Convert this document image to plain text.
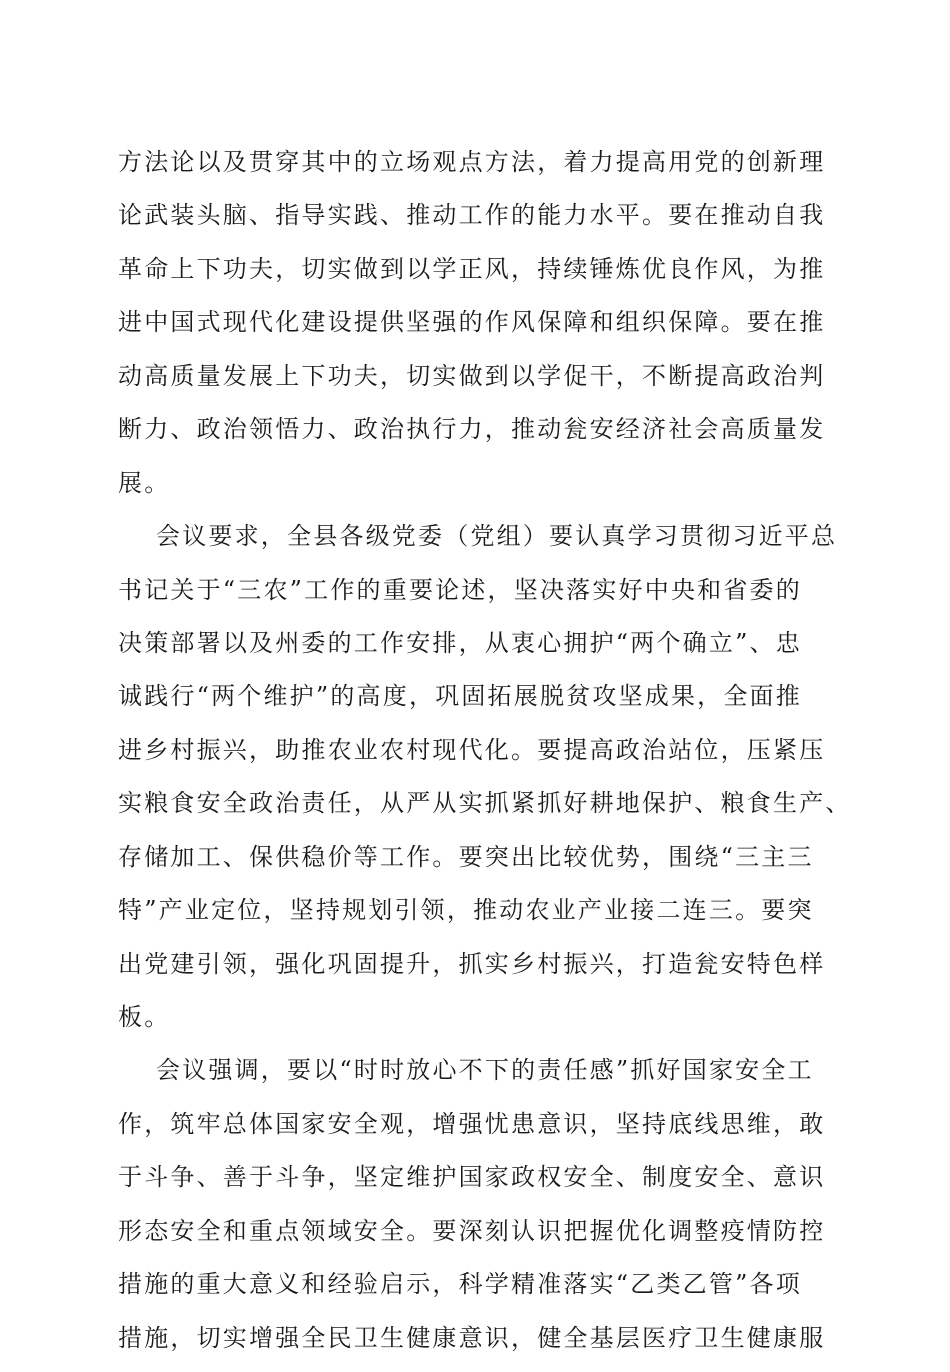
方法论以及贯穿其中的立场观点方法，着力提高用党的创新理
论武装头脑、指导实践、推动工作的能力水平。要在推动自我
革命上下功夫，切实做到以学正风，持续锤炼优良作风，为推
进中国式现代化建设提供坚强的作风保障和组织保障。要在推
动高质量发展上下功夫，切实做到以学促干，不断提高政治判
断力、政治领悟力、政治执行力，推动瓮安经济社会高质量发
展。
会议要求，全县各级党委（党组）要认真学习贯彻习近平总
书记关于“三农”工作的重要论述，坚决落实好中央和省委的
决策部署以及州委的工作安排，从衷心拥护“两个确立”、忠
诚践行“两个维护”的高度，巩固拓展脱贫攻坚成果，全面推
进乡村振兴，助推农业农村现代化。要提高政治站位，压紧压
实粮食安全政治责任，从严从实抓紧抓好耕地保护、粮食生产、
存储加工、保供稳价等工作。要突出比较优势，围绕“三主三
特”产业定位，坚持规划引领，推动农业产业接二连三。要突
出党建引领，强化巩固提升，抓实乡村振兴，打造瓮安特色样
板。
会议强调，要以“时时放心不下的责任感”抓好国家安全工
作，筑牢总体国家安全观，增强忧患意识，坚持底线思维，敢
于斗争、善于斗争，坚定维护国家政权安全、制度安全、意识
形态安全和重点领域安全。要深刻认识把握优化调整疫情防控
措施的重大意义和经验启示，科学精准落实“乙类乙管”各项
措施，切实增强全民卫生健康意识，健全基层医疗卫生健康服
